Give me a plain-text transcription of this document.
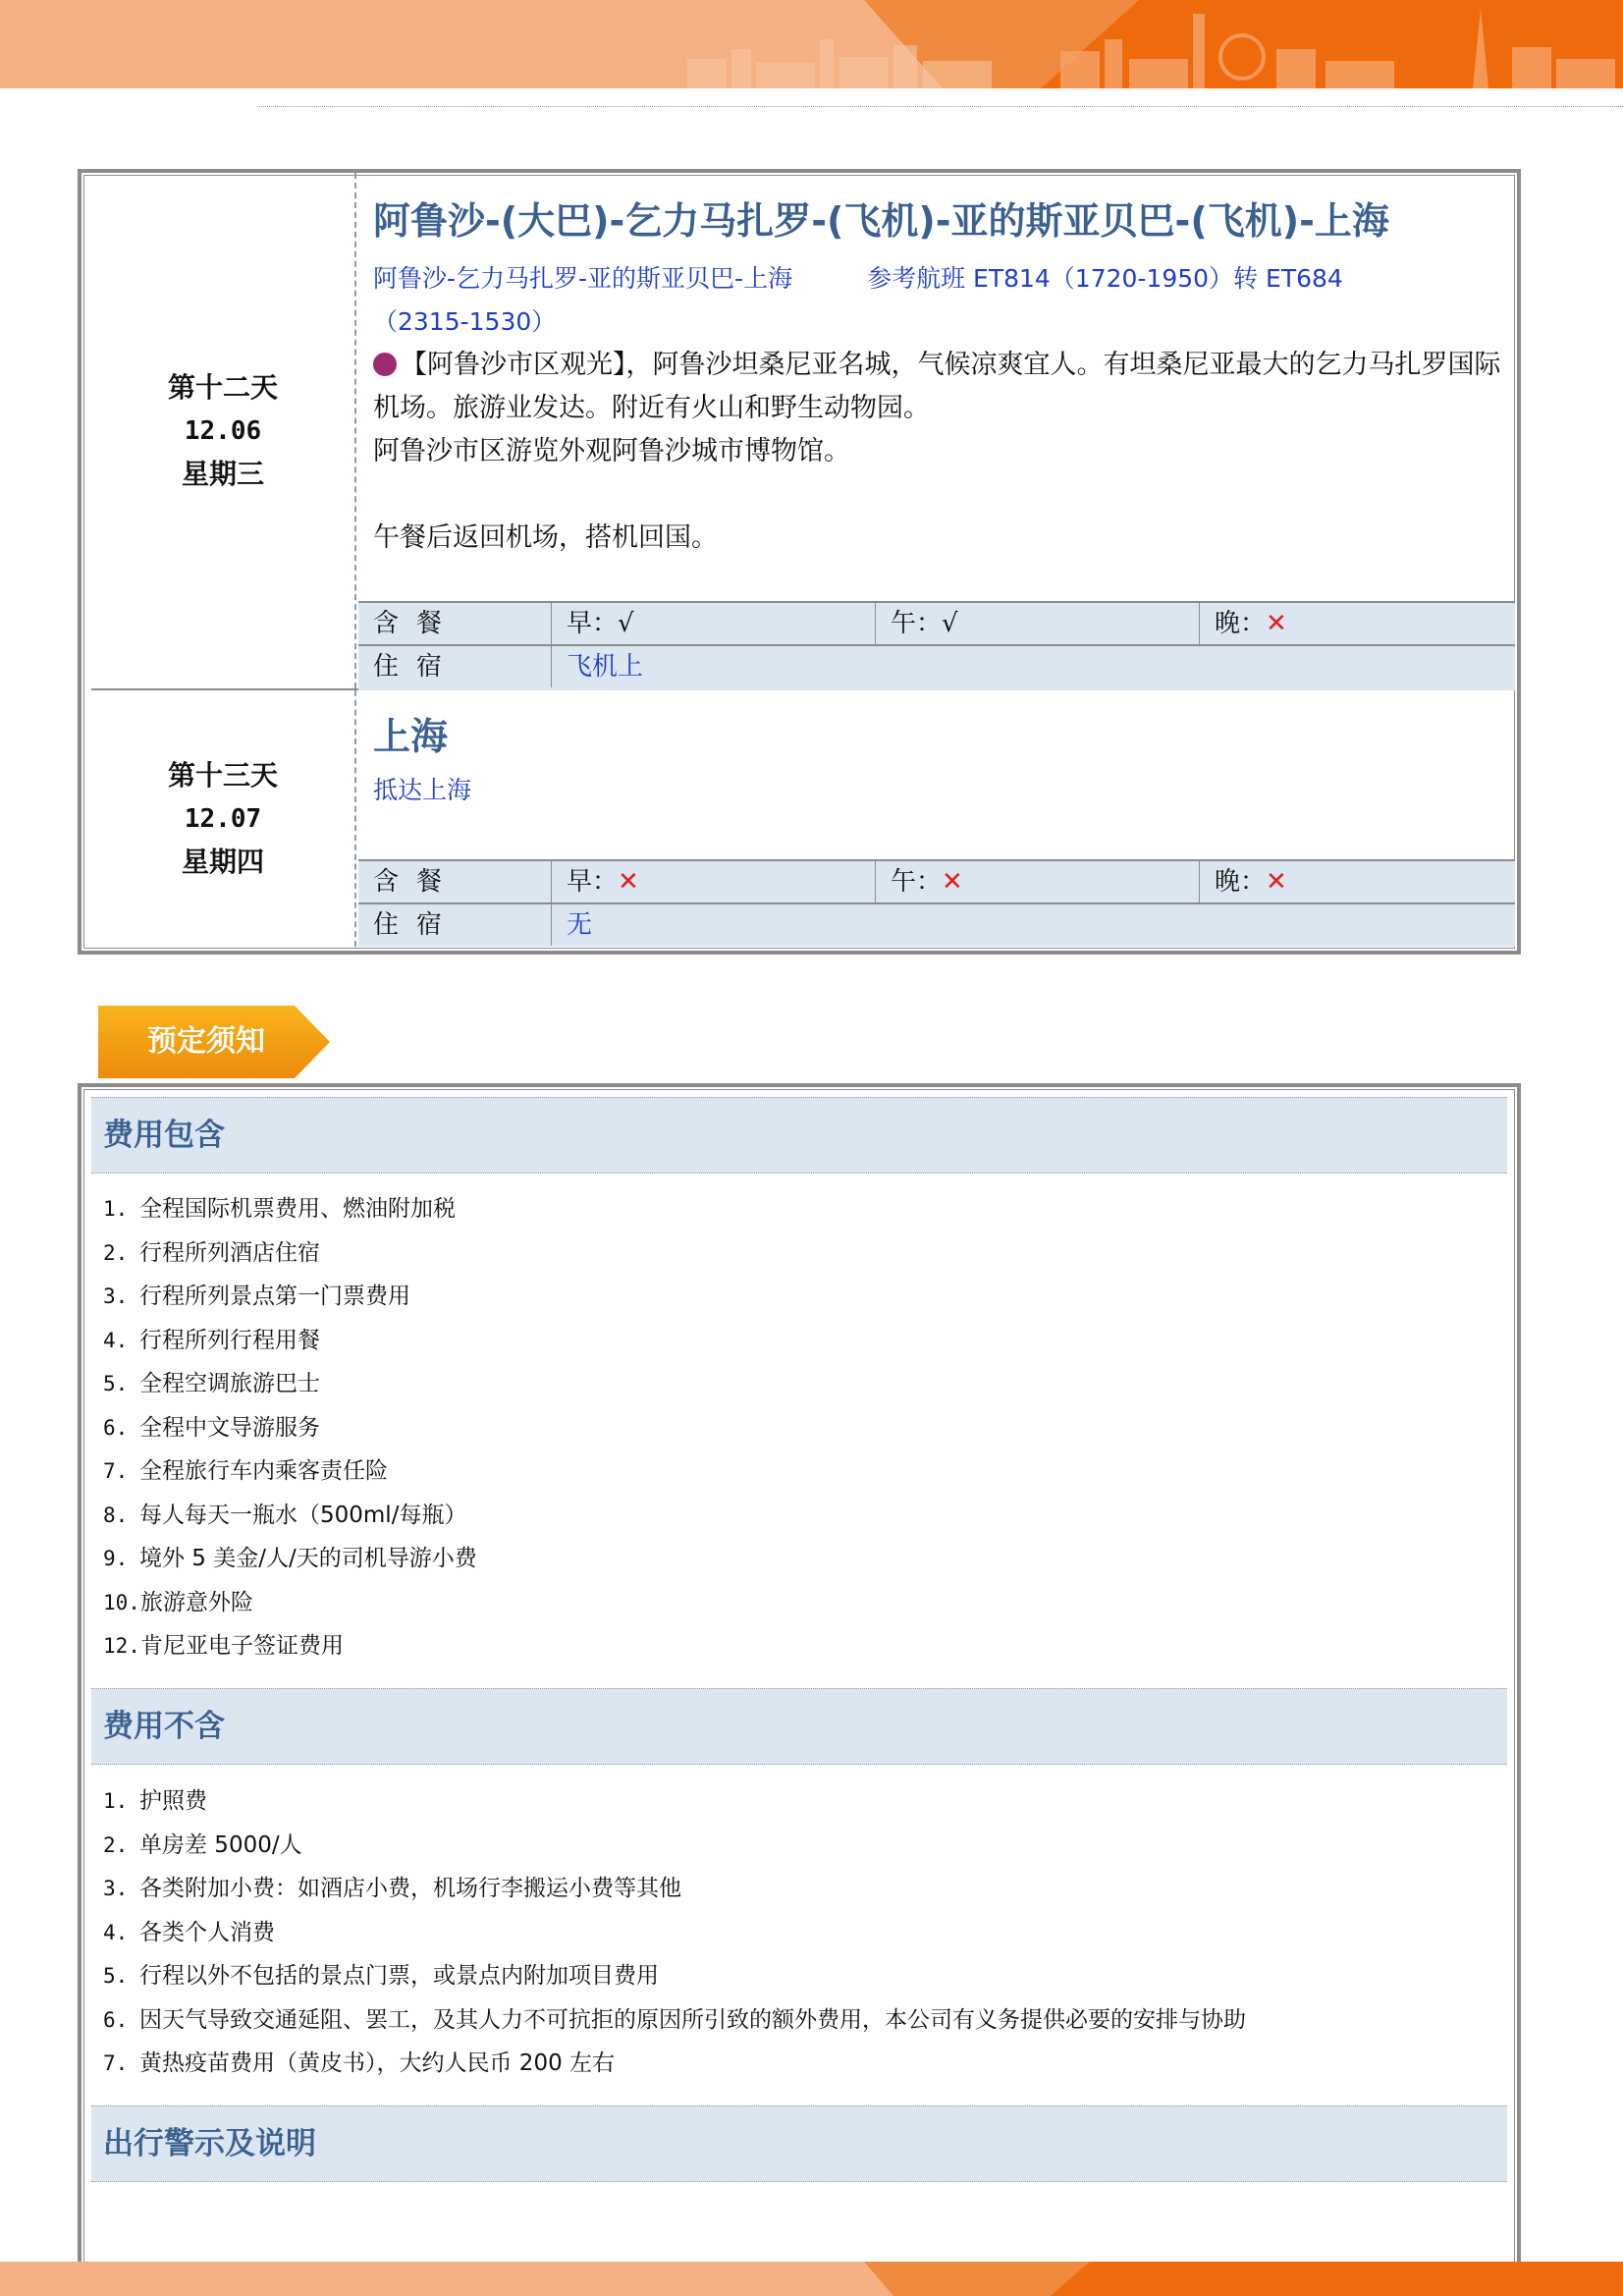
第十二天
12.06
星期三
阿鲁沙-(大巴)-乞力马扎罗-(飞机)-亚的斯亚贝巴-(飞机)-上海
阿鲁沙-乞力马扎罗-亚的斯亚贝巴-上海	参考航班 ET814（1720-1950）转 ET684
（2315-1530）
【阿鲁沙市区观光】，阿鲁沙坦桑尼亚名城，气候凉爽宜人。有坦桑尼亚最大的乞力马扎罗国际机场。旅游业发达。附近有火山和野生动物园。
阿鲁沙市区游览外观阿鲁沙城市博物馆。
午餐后返回机场，搭机回国。
含餐	早：√	午：√	晚：✕
住宿	飞机上
第十三天
12.07
星期四
上海
抵达上海
含餐	早：✕	午：✕	晚：✕
住宿	无
预定须知
费用包含
1. 全程国际机票费用、燃油附加税
2. 行程所列酒店住宿
3. 行程所列景点第一门票费用
4. 行程所列行程用餐
5. 全程空调旅游巴士
6. 全程中文导游服务
7. 全程旅行车内乘客责任险
8. 每人每天一瓶水（500ml/每瓶）
9. 境外 5 美金/人/天的司机导游小费
10.旅游意外险
12.肯尼亚电子签证费用
费用不含
1. 护照费
2. 单房差 5000/人
3. 各类附加小费：如酒店小费，机场行李搬运小费等其他
4. 各类个人消费
5. 行程以外不包括的景点门票，或景点内附加项目费用
6. 因天气导致交通延阻、罢工，及其人力不可抗拒的原因所引致的额外费用，本公司有义务提供必要的安排与协助
7. 黄热疫苗费用（黄皮书），大约人民币 200 左右
出行警示及说明
